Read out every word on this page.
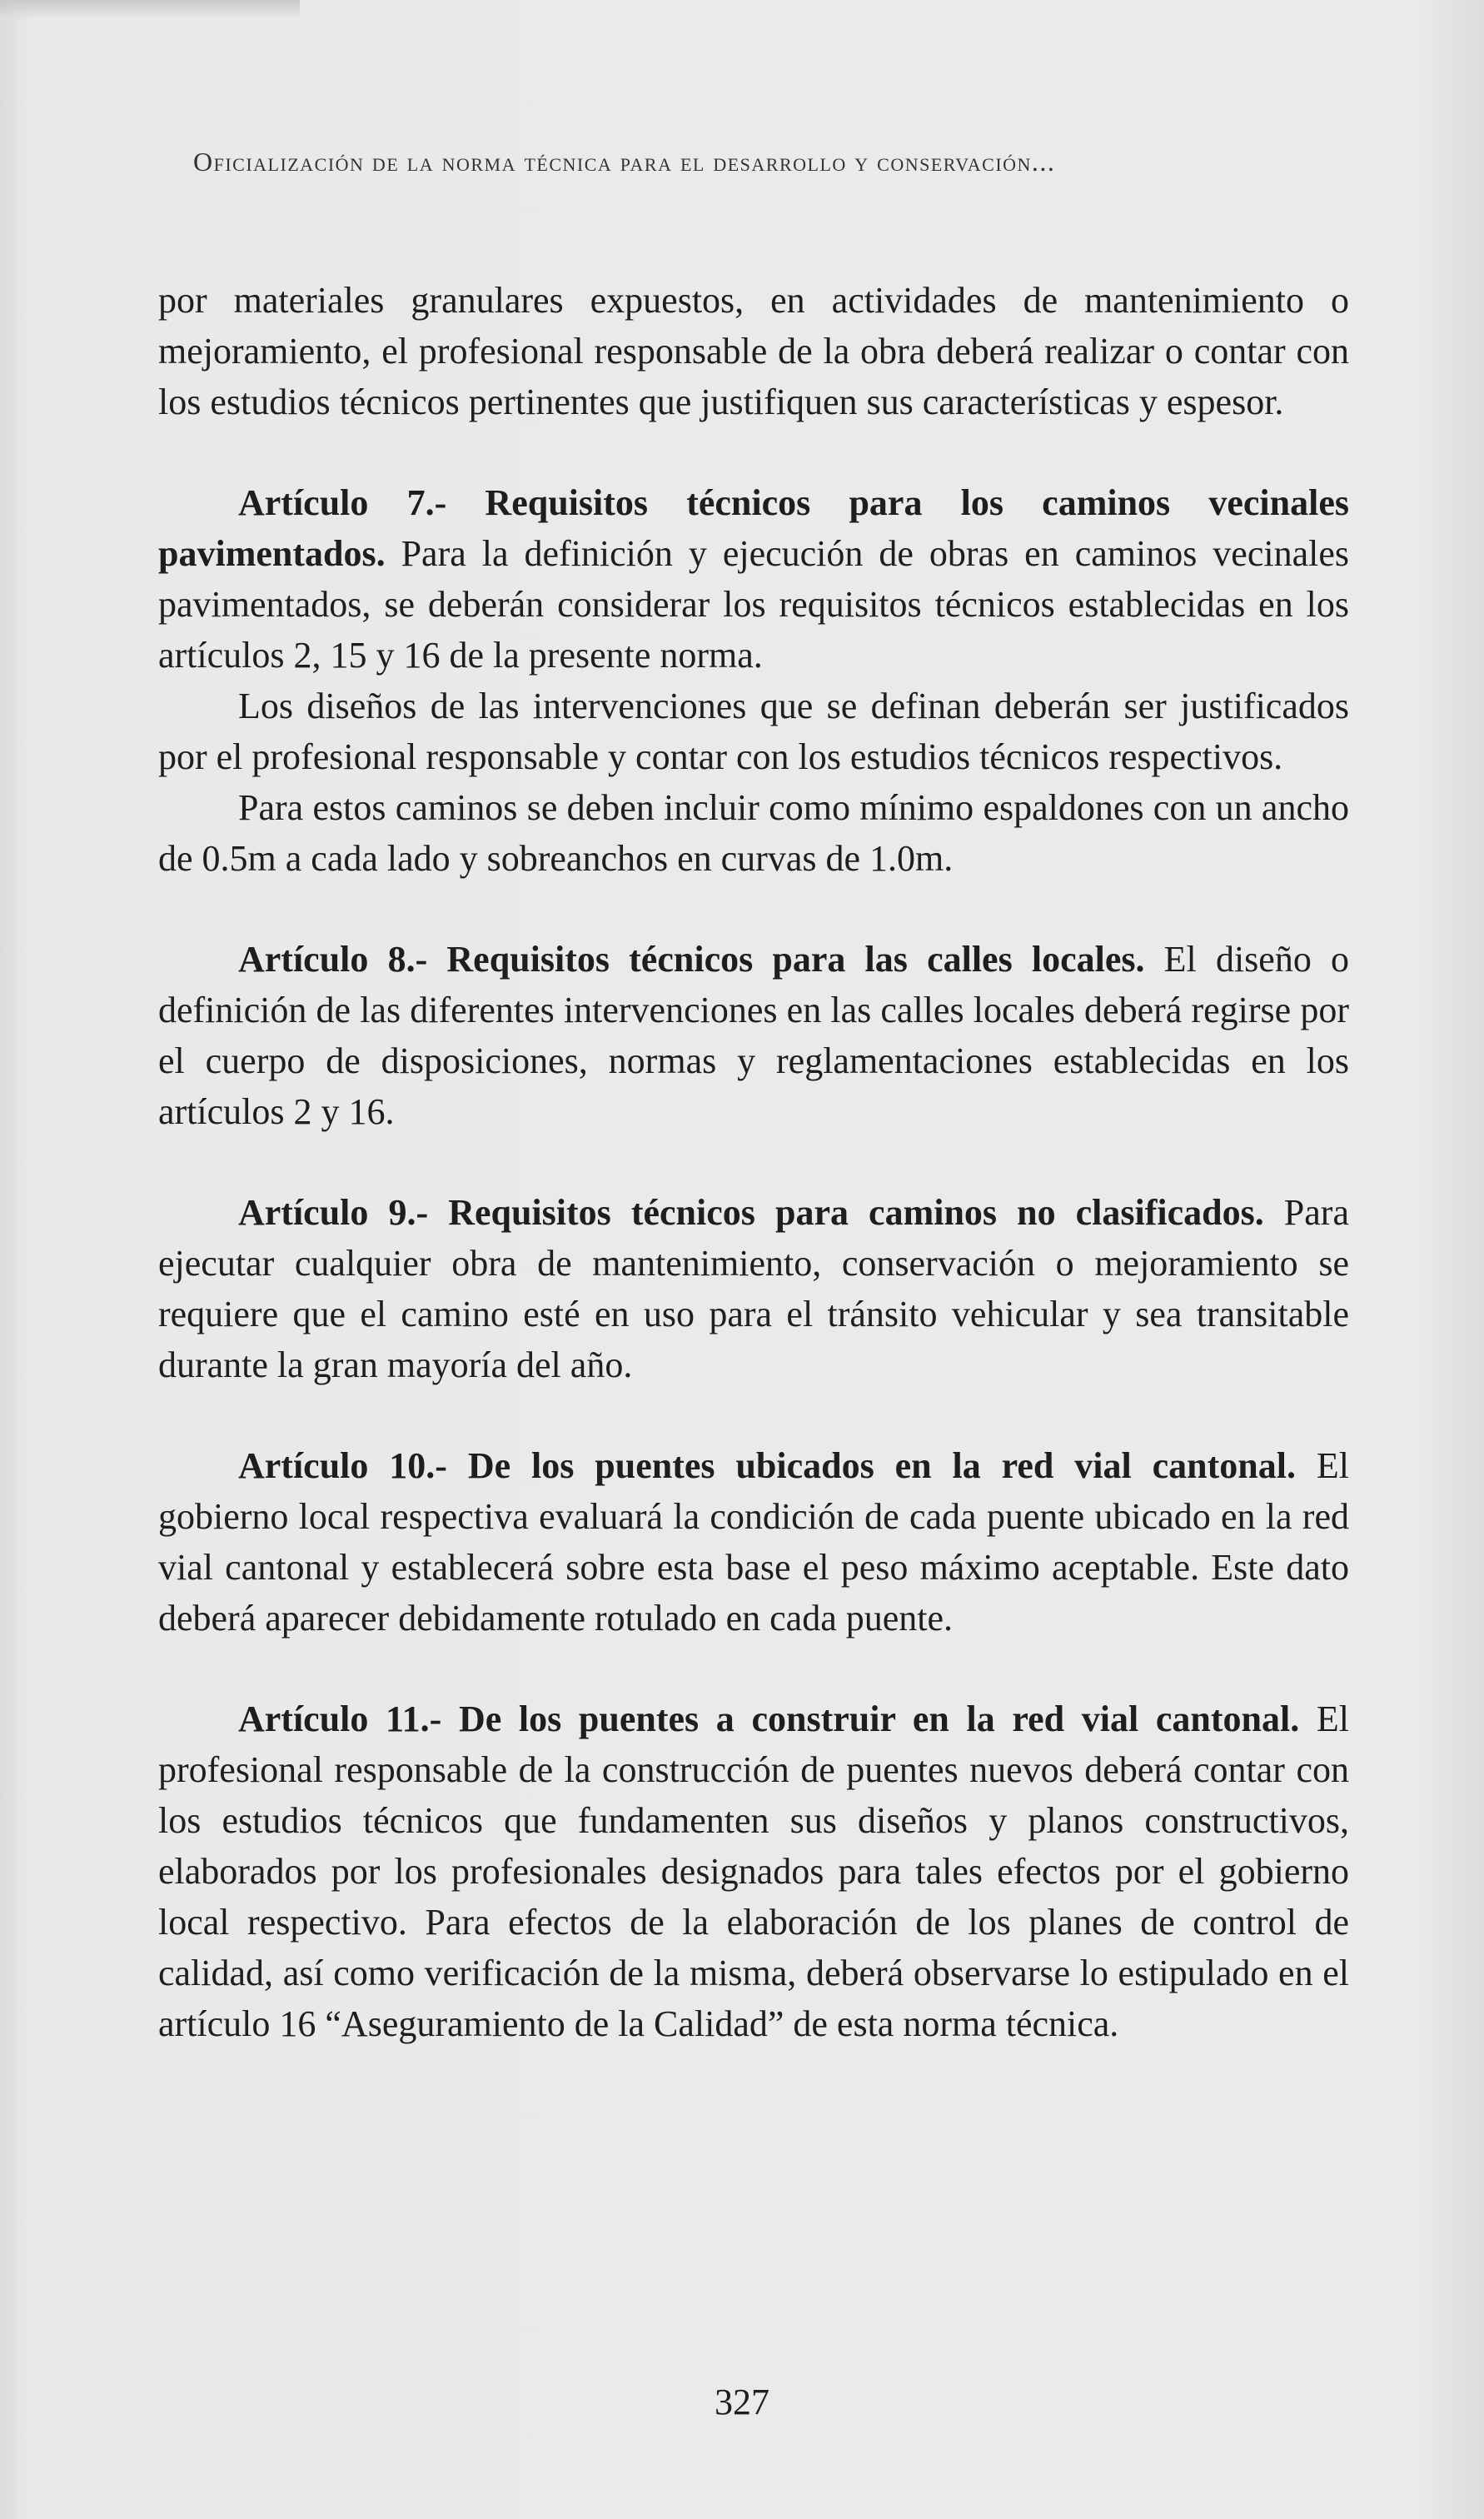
Oficialización de la norma técnica para el desarrollo y conservación...

por materiales granulares expuestos, en actividades de mantenimiento o mejoramiento, el profesional responsable de la obra deberá realizar o contar con los estudios técnicos pertinentes que justifiquen sus características y espesor.

Artículo 7.- Requisitos técnicos para los caminos vecinales pavimentados. Para la definición y ejecución de obras en caminos vecinales pavimentados, se deberán considerar los requisitos técnicos establecidas en los artículos 2, 15 y 16 de la presente norma.

Los diseños de las intervenciones que se definan deberán ser justificados por el profesional responsable y contar con los estudios técnicos respectivos.

Para estos caminos se deben incluir como mínimo espaldones con un ancho de 0.5m a cada lado y sobreanchos en curvas de 1.0m.

Artículo 8.- Requisitos técnicos para las calles locales. El diseño o definición de las diferentes intervenciones en las calles locales deberá regirse por el cuerpo de disposiciones, normas y reglamentaciones establecidas en los artículos 2 y 16.

Artículo 9.- Requisitos técnicos para caminos no clasificados. Para ejecutar cualquier obra de mantenimiento, conservación o mejoramiento se requiere que el camino esté en uso para el tránsito vehicular y sea transitable durante la gran mayoría del año.

Artículo 10.- De los puentes ubicados en la red vial cantonal. El gobierno local respectiva evaluará la condición de cada puente ubicado en la red vial cantonal y establecerá sobre esta base el peso máximo aceptable. Este dato deberá aparecer debidamente rotulado en cada puente.

Artículo 11.- De los puentes a construir en la red vial cantonal. El profesional responsable de la construcción de puentes nuevos deberá contar con los estudios técnicos que fundamenten sus diseños y planos constructivos, elaborados por los profesionales designados para tales efectos por el gobierno local respectivo. Para efectos de la elaboración de los planes de control de calidad, así como verificación de la misma, deberá observarse lo estipulado en el artículo 16 “Aseguramiento de la Calidad” de esta norma técnica.

327
